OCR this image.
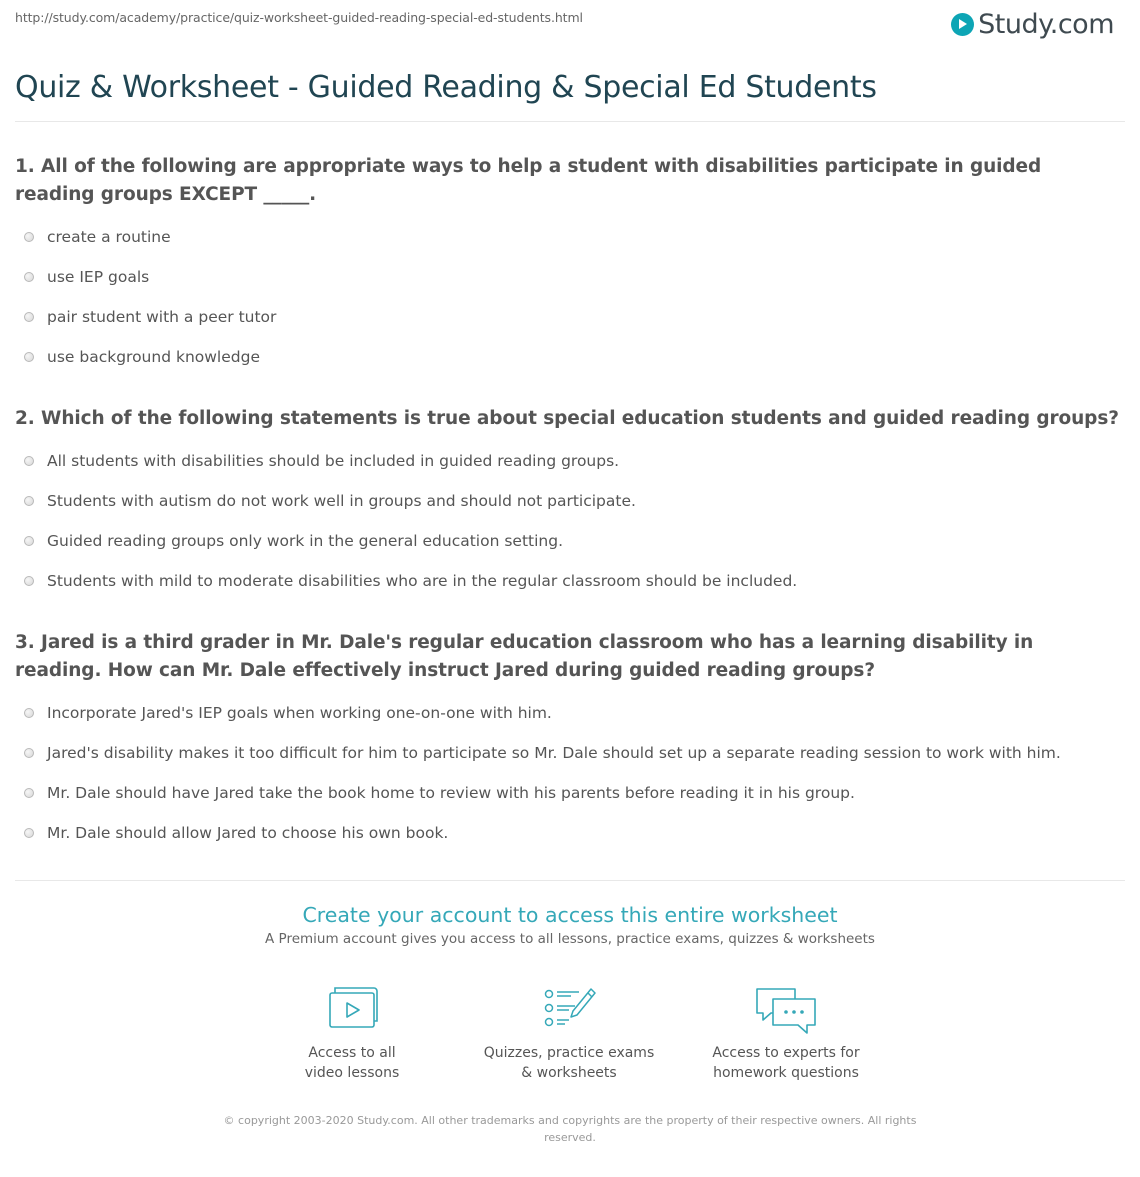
http://study.com/academy/practice/quiz-worksheet-guided-reading-special-ed-students.html	Study.com
Quiz & Worksheet - Guided Reading & Special Ed Students

1. All of the following are appropriate ways to help a student with disabilities participate in guided reading groups EXCEPT _____.

create a routine
use IEP goals
pair student with a peer tutor
use background knowledge

2. Which of the following statements is true about special education students and guided reading groups?

All students with disabilities should be included in guided reading groups.
Students with autism do not work well in groups and should not participate.
Guided reading groups only work in the general education setting.
Students with mild to moderate disabilities who are in the regular classroom should be included.

3. Jared is a third grader in Mr. Dale's regular education classroom who has a learning disability in reading. How can Mr. Dale effectively instruct Jared during guided reading groups?

Incorporate Jared's IEP goals when working one-on-one with him.
Jared's disability makes it too difficult for him to participate so Mr. Dale should set up a separate reading session to work with him.
Mr. Dale should have Jared take the book home to review with his parents before reading it in his group.
Mr. Dale should allow Jared to choose his own book.

Create your account to access this entire worksheet

A Premium account gives you access to all lessons, practice exams, quizzes & worksheets

Access to all
video lessons
Quizzes, practice exams
& worksheets
Access to experts for
homework questions
© copyright 2003-2020 Study.com. All other trademarks and copyrights are the property of their respective owners. All rights reserved.
